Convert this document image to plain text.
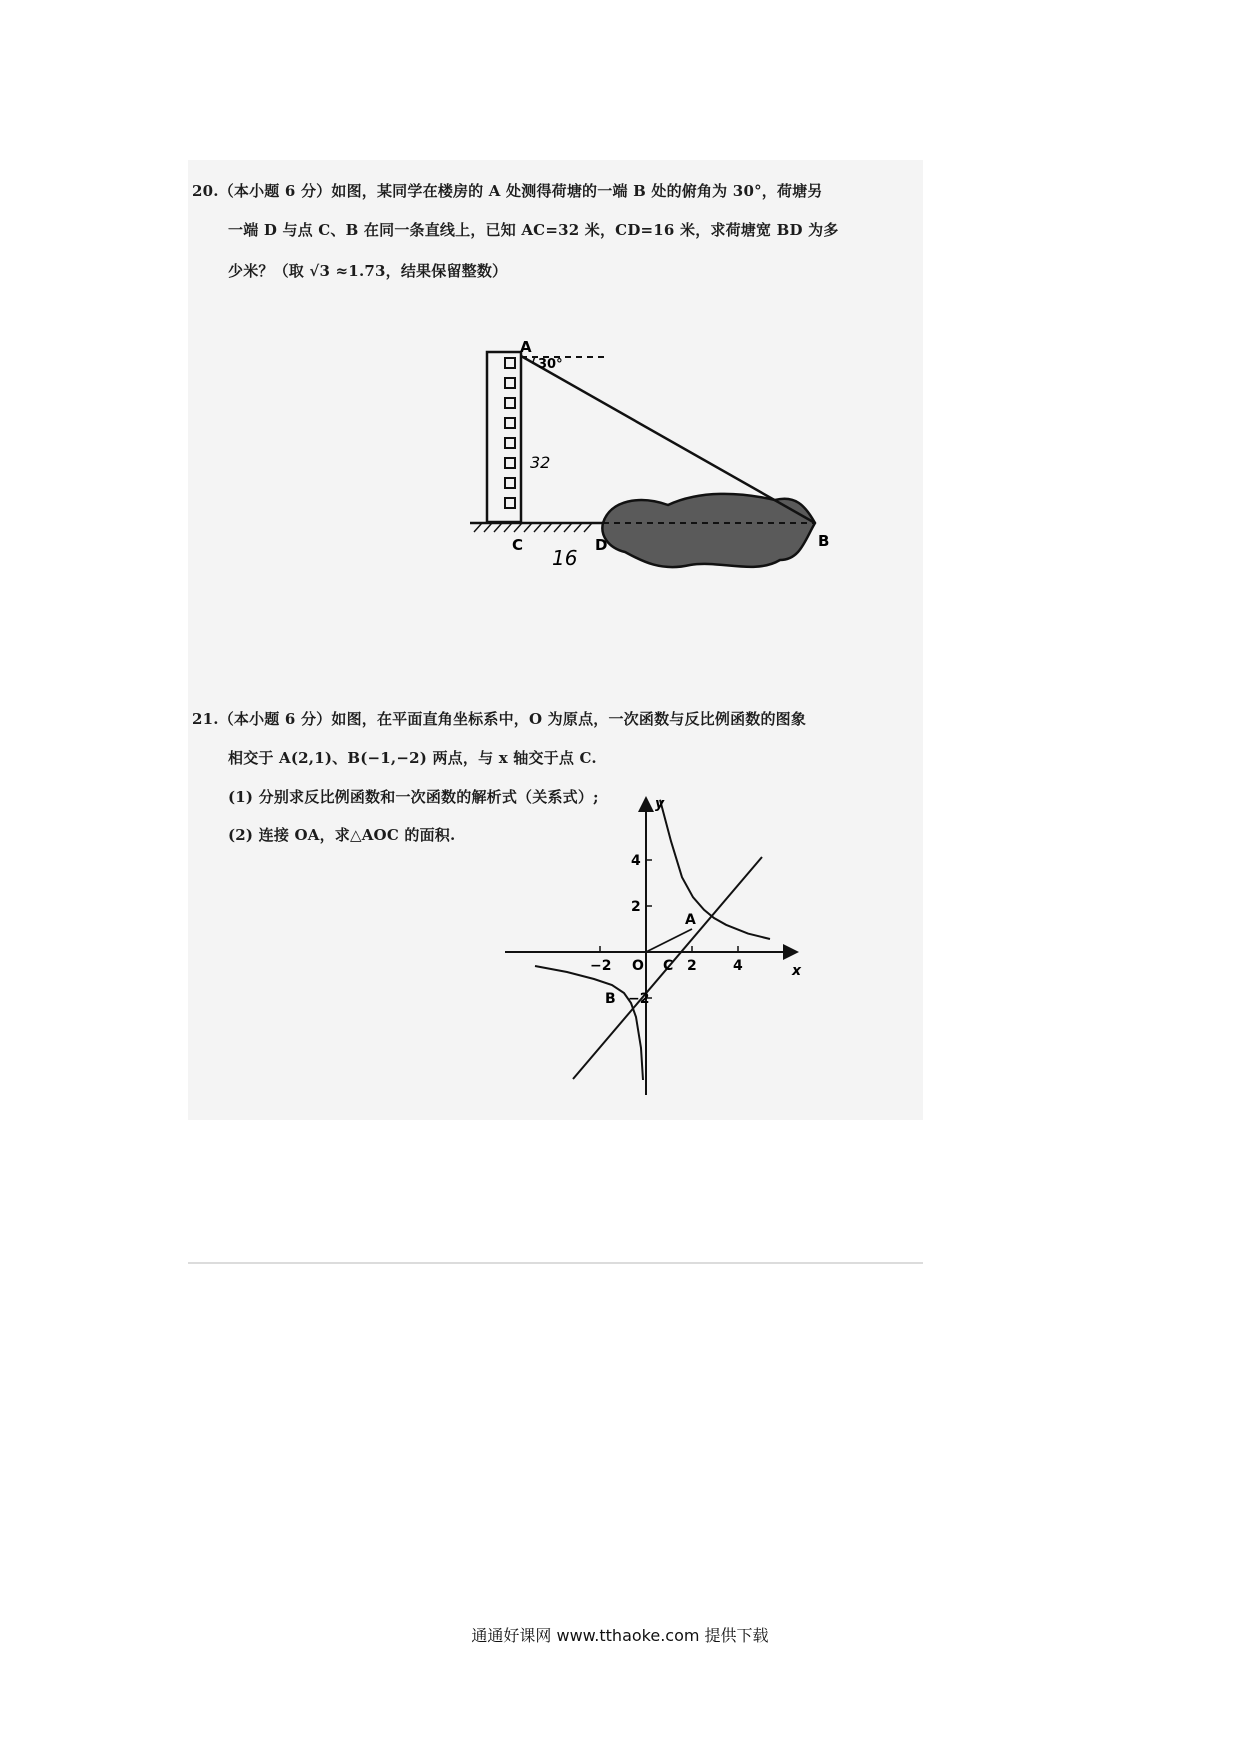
20.（本小题 6 分）如图，某同学在楼房的 A 处测得荷塘的一端 B 处的俯角为 30°，荷塘另
一端 D 与点 C、B 在同一条直线上，已知 AC=32 米，CD=16 米，求荷塘宽 BD 为多
少米？（取 √3 ≈1.73，结果保留整数）
A
30°
C	D	B
32
16
21.（本小题 6 分）如图，在平面直角坐标系中，O 为原点，一次函数与反比例函数的图象
相交于 A(2,1)、B(−1,−2) 两点，与 x 轴交于点 C.
(1) 分别求反比例函数和一次函数的解析式（关系式）;
(2) 连接 OA，求△AOC 的面积.
y
x
O
A
B
C
−2	2	4
4
2
−2
通通好课网 www.tthaoke.com 提供下载
